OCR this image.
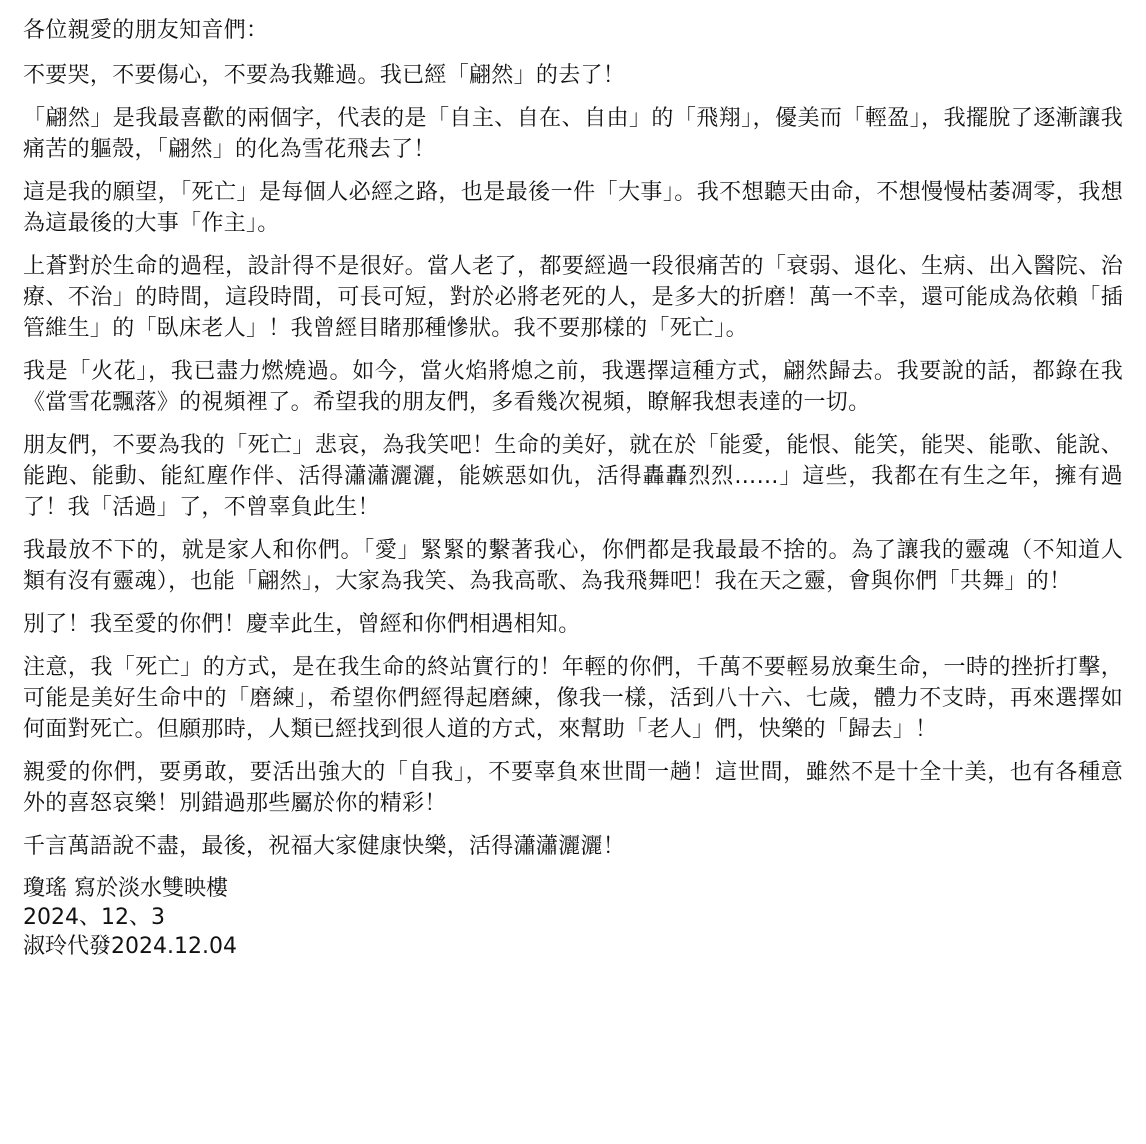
各位親愛的朋友知音們：

不要哭，不要傷心，不要為我難過。我已經「翩然」的去了！

「翩然」是我最喜歡的兩個字，代表的是「自主、自在、自由」的「飛翔」，優美而「輕盈」，我擺脫了逐漸讓我痛苦的軀殼，「翩然」的化為雪花飛去了！

這是我的願望，「死亡」是每個人必經之路，也是最後一件「大事」。我不想聽天由命，不想慢慢枯萎凋零，我想為這最後的大事「作主」。

上蒼對於生命的過程，設計得不是很好。當人老了，都要經過一段很痛苦的「衰弱、退化、生病、出入醫院、治療、不治」的時間，這段時間，可長可短，對於必將老死的人，是多大的折磨！萬一不幸，還可能成為依賴「插管維生」的「臥床老人」！我曾經目睹那種慘狀。我不要那樣的「死亡」。

我是「火花」，我已盡力燃燒過。如今，當火焰將熄之前，我選擇這種方式，翩然歸去。我要說的話，都錄在我《當雪花飄落》的視頻裡了。希望我的朋友們，多看幾次視頻，瞭解我想表達的一切。

朋友們，不要為我的「死亡」悲哀，為我笑吧！生命的美好，就在於「能愛，能恨、能笑，能哭、能歌、能說、能跑、能動、能紅塵作伴、活得瀟瀟灑灑，能嫉惡如仇，活得轟轟烈烈……」這些，我都在有生之年，擁有過了！我「活過」了，不曾辜負此生！

我最放不下的，就是家人和你們。「愛」緊緊的繫著我心，你們都是我最最不捨的。為了讓我的靈魂（不知道人類有沒有靈魂），也能「翩然」，大家為我笑、為我高歌、為我飛舞吧！我在天之靈，會與你們「共舞」的！

別了！我至愛的你們！慶幸此生，曾經和你們相遇相知。

注意，我「死亡」的方式，是在我生命的終站實行的！年輕的你們，千萬不要輕易放棄生命，一時的挫折打擊，可能是美好生命中的「磨練」，希望你們經得起磨練，像我一樣，活到八十六、七歲，體力不支時，再來選擇如何面對死亡。但願那時，人類已經找到很人道的方式，來幫助「老人」們，快樂的「歸去」！

親愛的你們，要勇敢，要活出強大的「自我」，不要辜負來世間一趟！這世間，雖然不是十全十美，也有各種意外的喜怒哀樂！別錯過那些屬於你的精彩！

千言萬語說不盡，最後，祝福大家健康快樂，活得瀟瀟灑灑！

瓊瑤 寫於淡水雙映樓
2024、12、3
淑玲代發2024.12.04
